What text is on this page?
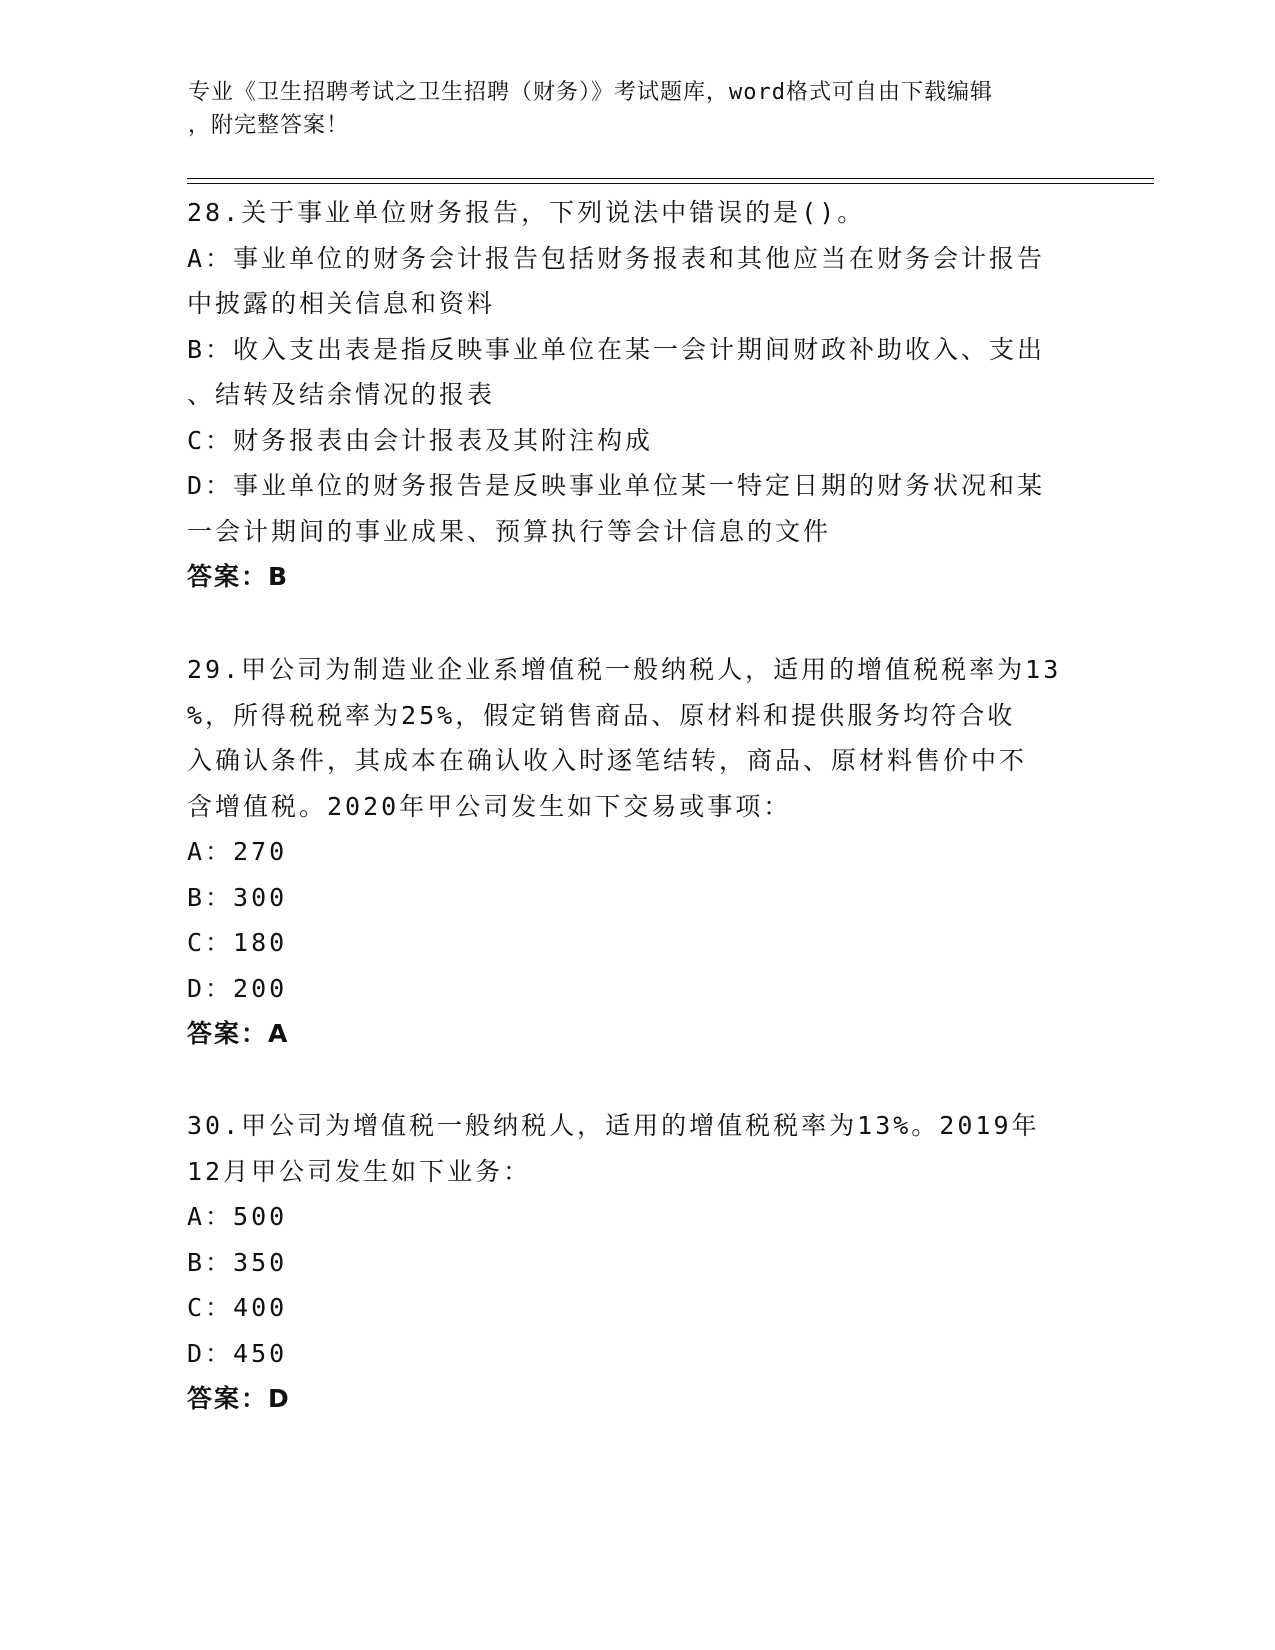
专业《卫生招聘考试之卫生招聘（财务）》考试题库，word格式可自由下载编辑
，附完整答案！
28.关于事业单位财务报告，下列说法中错误的是()。
A：事业单位的财务会计报告包括财务报表和其他应当在财务会计报告
中披露的相关信息和资料
B：收入支出表是指反映事业单位在某一会计期间财政补助收入、支出
、结转及结余情况的报表
C：财务报表由会计报表及其附注构成
D：事业单位的财务报告是反映事业单位某一特定日期的财务状况和某
一会计期间的事业成果、预算执行等会计信息的文件
答案：B
29.甲公司为制造业企业系增值税一般纳税人，适用的增值税税率为13
%，所得税税率为25%，假定销售商品、原材料和提供服务均符合收
入确认条件，其成本在确认收入时逐笔结转，商品、原材料售价中不
含增值税。2020年甲公司发生如下交易或事项：
A：270
B：300
C：180
D：200
答案：A
30.甲公司为增值税一般纳税人，适用的增值税税率为13%。2019年
12月甲公司发生如下业务：
A：500
B：350
C：400
D：450
答案：D
